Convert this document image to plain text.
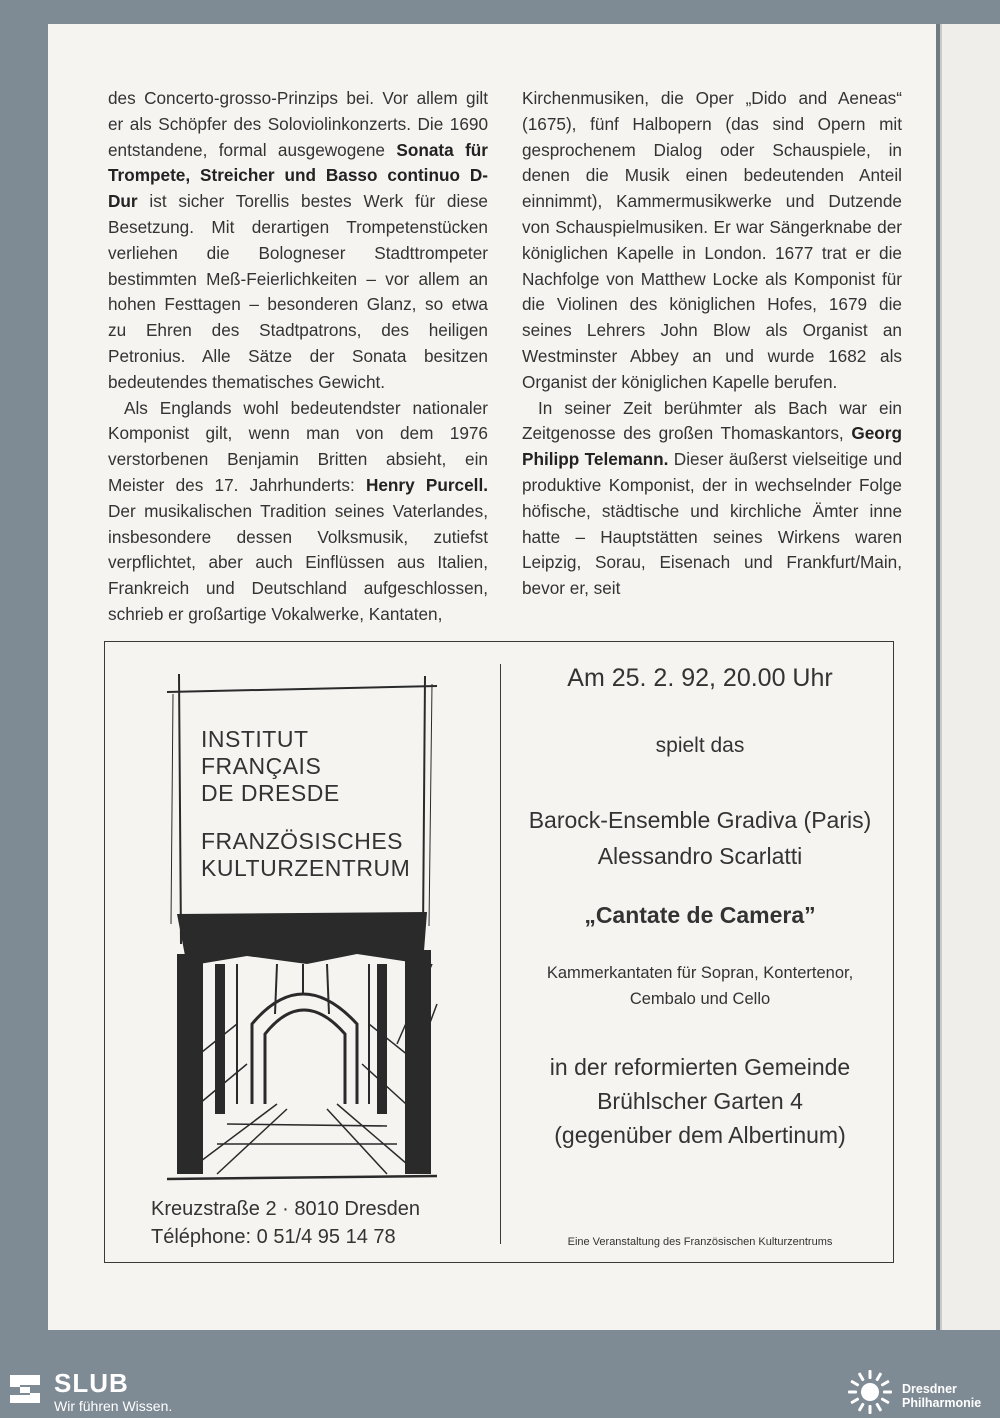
des Concerto-grosso-Prinzips bei. Vor allem gilt er als Schöpfer des Soloviolinkonzerts. Die 1690 entstandene, formal ausgewogene Sonata für Trompete, Streicher und Basso continuo D-Dur ist sicher Torellis bestes Werk für diese Besetzung. Mit derartigen Trompetenstücken verliehen die Bologneser Stadttrompeter bestimmten Meß-Feierlichkeiten – vor allem an hohen Festtagen – besonderen Glanz, so etwa zu Ehren des Stadtpatrons, des heiligen Petronius. Alle Sätze der Sonata besitzen bedeutendes thematisches Gewicht.

Als Englands wohl bedeutendster nationaler Komponist gilt, wenn man von dem 1976 verstorbenen Benjamin Britten absieht, ein Meister des 17. Jahrhunderts: Henry Purcell. Der musikalischen Tradition seines Vaterlandes, insbesondere dessen Volksmusik, zutiefst verpflichtet, aber auch Einflüssen aus Italien, Frankreich und Deutschland aufgeschlossen, schrieb er großartige Vokalwerke, Kantaten,

Kirchenmusiken, die Oper „Dido and Aeneas“ (1675), fünf Halbopern (das sind Opern mit gesprochenem Dialog oder Schauspiele, in denen die Musik einen bedeutenden Anteil einnimmt), Kammermusikwerke und Dutzende von Schauspielmusiken. Er war Sängerknabe der königlichen Kapelle in London. 1677 trat er die Nachfolge von Matthew Locke als Komponist für die Violinen des königlichen Hofes, 1679 die seines Lehrers John Blow als Organist an Westminster Abbey an und wurde 1682 als Organist der königlichen Kapelle berufen.

In seiner Zeit berühmter als Bach war ein Zeitgenosse des großen Thomaskantors, Georg Philipp Telemann. Dieser äußerst vielseitige und produktive Komponist, der in wechselnder Folge höfische, städtische und kirchliche Ämter inne hatte – Hauptstätten seines Wirkens waren Leipzig, Sorau, Eisenach und Frankfurt/Main, bevor er, seit

INSTITUT
FRANÇAIS
DE DRESDE
FRANZÖSISCHES
KULTURZENTRUM
Kreuzstraße 2 · 8010 Dresden
Téléphone: 0 51/4 95 14 78
Am 25. 2. 92, 20.00 Uhr
spielt das
Barock-Ensemble Gradiva (Paris)
Alessandro Scarlatti
„Cantate de Camera”
Kammerkantaten für Sopran, Kontertenor,
Cembalo und Cello
in der reformierten Gemeinde
Brühlscher Garten 4
(gegenüber dem Albertinum)
Eine Veranstaltung des Französischen Kulturzentrums
SLUB
Wir führen Wissen.
Dresdner
Philharmonie
